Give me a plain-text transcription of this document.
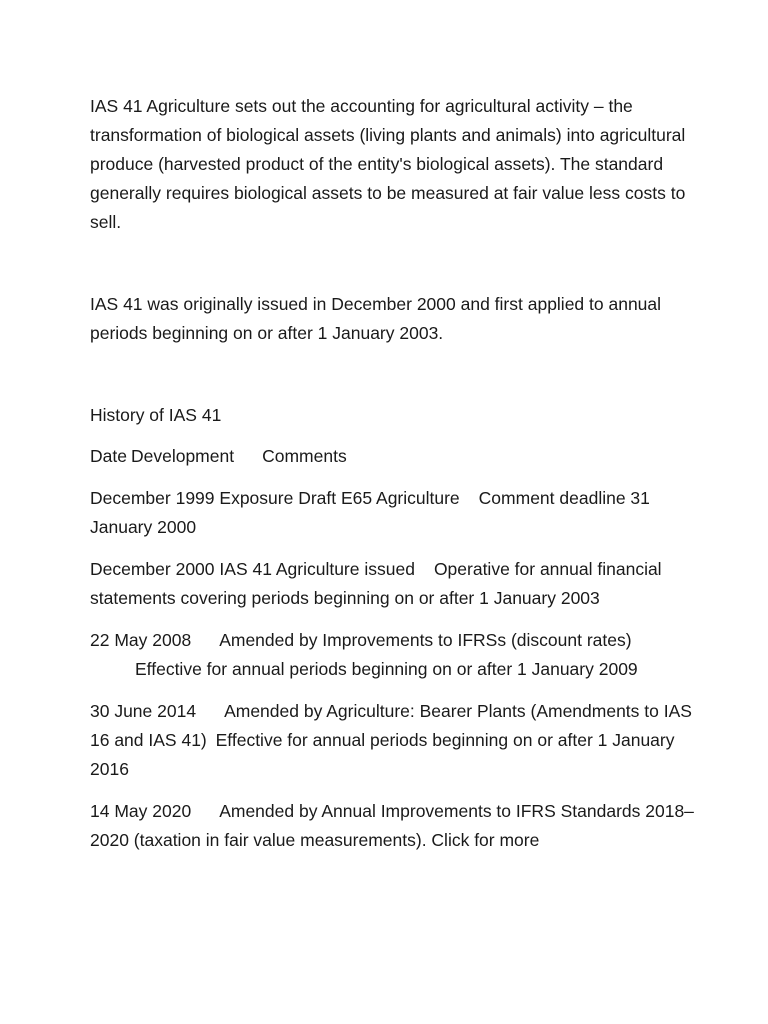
IAS 41 Agriculture sets out the accounting for agricultural activity – the transformation of biological assets (living plants and animals) into agricultural produce (harvested product of the entity's biological assets). The standard generally requires biological assets to be measured at fair value less costs to sell.

IAS 41 was originally issued in December 2000 and first applied to annual periods beginning on or after 1 January 2003.

History of IAS 41

Date Development Comments

December 1999 Exposure Draft E65 Agriculture Comment deadline 31 January 2000

December 2000 IAS 41 Agriculture issued Operative for annual financial statements covering periods beginning on or after 1 January 2003

22 May 2008 Amended by Improvements to IFRSs (discount rates)
Effective for annual periods beginning on or after 1 January 2009

30 June 2014 Amended by Agriculture: Bearer Plants (Amendments to IAS 16 and IAS 41) Effective for annual periods beginning on or after 1 January 2016

14 May 2020 Amended by Annual Improvements to IFRS Standards 2018–2020 (taxation in fair value measurements). Click for more
